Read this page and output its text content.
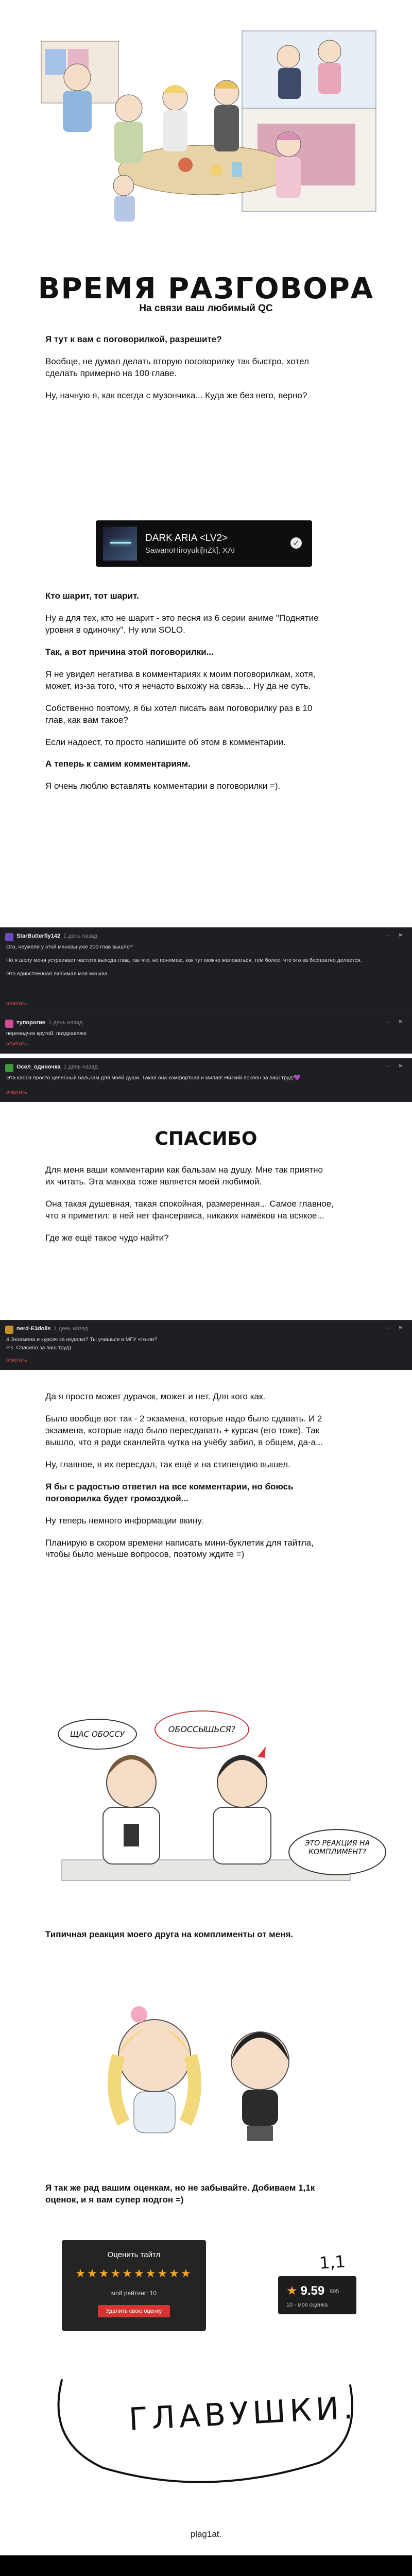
ВРЕМЯ РАЗГОВОРА
На связи ваш любимый QC

Я тут к вам с поговорилкой, разрешите?

Вообще, не думал делать вторую поговорилку так быстро, хотел сделать примерно на 100 главе.

Ну, начную я, как всегда с музончика... Куда же без него, верно?

DARK ARIA <LV2>
SawanoHiroyuki[nZk], XAI
✓

Кто шарит, тот шарит.

Ну а для тех, кто не шарит - это песня из 6 серии аниме "Поднятие уровня в одиночку". Ну или SOLO.

Так, а вот причина этой поговорилки...

Я не увидел негатива в комментариях к моим поговорилкам, хотя, может, из-за того, что я нечасто выхожу на связь... Ну да не суть.

Собственно поэтому, я бы хотел писать вам поговорилку раз в 10 глав, как вам такое?

Если надоест, то просто напишите об этом в комментарии.

А теперь к самим комментариям.

Я очень люблю вставлять комментарии в поговорилки =).

StarButterfly142 1 день назад	⋯ ⚑
Ого, неужели у этой манхвы уже 200 глав вышло?
Но я шелу меня устраивает частота выхода глав, так что, не понимаю, как тут можно жаловаться, тем более, что это за бесплатно делается.
Это единственная любимая моя манхва
ответить
тупорогие 1 день назад	⋯ ⚑
переводчик крутой, поздравляю
ответить
Осел_одиночка 1 день назад	⋯ ⚑
Эта кабба просто целебный бальзам для моей души. Такая она комфортная и милая! Низкий поклон за ваш труд!💜
ответить
СПАСИБО

Для меня ваши комментарии как бальзам на душу. Мне так приятно их читать. Эта манхва тоже является моей любимой.

Она такая душевная, такая спокойная, размеренная... Самое главное, что я приметил: в ней нет фансервиса, никаких намёков на всякое...

Где же ещё такое чудо найти?

nerd-E3dolls 1 день назад	⋯ ⚑
4 Экзамена и курсач за неделю? Ты учишься в МГУ что-ли?
P.s. Спасибо за ваш труд)
ответить

Да я просто может дурачок, может и нет. Для кого как.

Было вообще вот так - 2 экзамена, которые надо было сдавать. И 2 экзамена, которые надо было пересдавать + курсач (его тоже). Так вышло, что я ради сканлейта чутка на учёбу забил, в общем, да-а...

Ну, главное, я их пересдал, так ещё и на стипендию вышел.

Я бы с радостью ответил на все комментарии, но боюсь поговорилка будет громоздкой...

Ну теперь немного информации вкину.

Планирую в скором времени написать мини-буклетик для тайтла, чтобы было меньше вопросов, поэтому ждите =)

ЩАС ОБОССУ	ОБОССЫШЬСЯ?
ЭТО РЕАКЦИЯ НА КОМПЛИМЕНТ?
Типичная реакция моего друга на комплименты от меня.
Я так же рад вашим оценкам, но не забывайте. Добиваем 1,1к оценок, и я вам супер подгон =)
Оценить тайтл
★★★★★★★★★★
мой рейтинг: 10
Удалить свою оценку
1,1
★ 9.59 895
10 - моя оценка
ГЛАВУШКИ.
plag1at.
